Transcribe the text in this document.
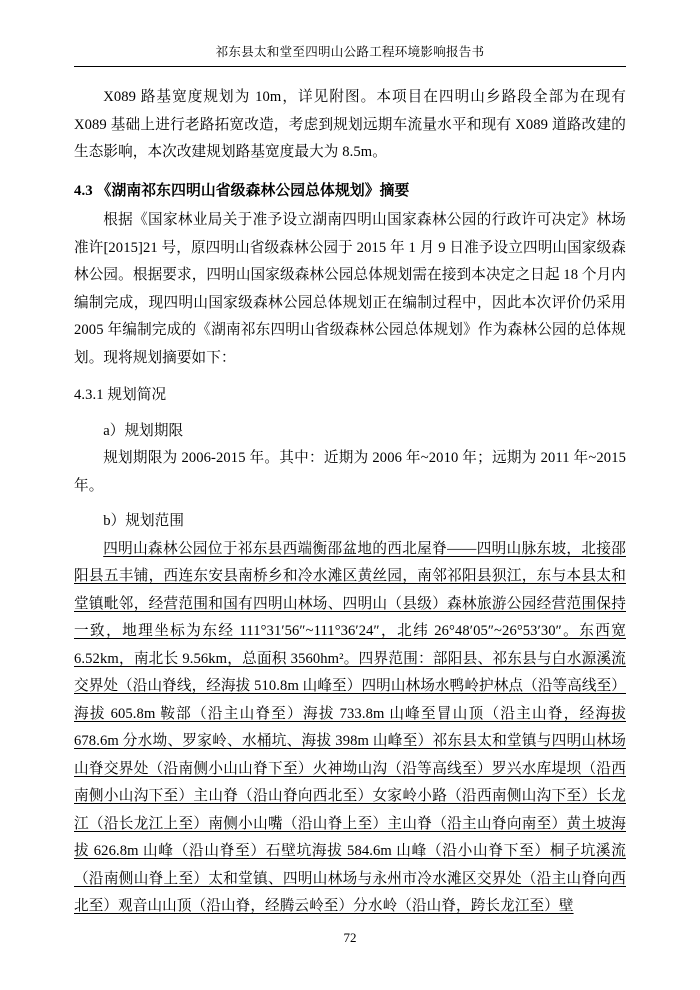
祁东县太和堂至四明山公路工程环境影响报告书

X089 路基宽度规划为 10m，详见附图。本项目在四明山乡路段全部为在现有 X089 基础上进行老路拓宽改造，考虑到规划远期车流量水平和现有 X089 道路改建的生态影响，本次改建规划路基宽度最大为 8.5m。

4.3 《湖南祁东四明山省级森林公园总体规划》摘要

根据《国家林业局关于准予设立湖南四明山国家森林公园的行政许可决定》林场准许[2015]21 号，原四明山省级森林公园于 2015 年 1 月 9 日准予设立四明山国家级森林公园。根据要求，四明山国家级森林公园总体规划需在接到本决定之日起 18 个月内编制完成，现四明山国家级森林公园总体规划正在编制过程中，因此本次评价仍采用 2005 年编制完成的《湖南祁东四明山省级森林公园总体规划》作为森林公园的总体规划。现将规划摘要如下：

4.3.1 规划简况

a）规划期限

规划期限为 2006-2015 年。其中：近期为 2006 年~2010 年；远期为 2011 年~2015 年。

b）规划范围

四明山森林公园位于祁东县西端衡邵盆地的西北屋脊——四明山脉东坡，北接邵阳县五丰铺，西连东安县南桥乡和冷水滩区黄丝园，南邻祁阳县狈江，东与本县太和堂镇毗邻，经营范围和国有四明山林场、四明山（县级）森林旅游公园经营范围保持一致，地理坐标为东经 111°31′56″~111°36′24″，北纬 26°48′05″~26°53′30″。东西宽 6.52km，南北长 9.56km，总面积 3560hm²。四界范围：部阳县、祁东县与白水源溪流交界处（沿山脊线，经海拔 510.8m 山峰至）四明山林场水鸭岭护林点（沿等高线至）海拔 605.8m 鞍部（沿主山脊至）海拔 733.8m 山峰至冒山顶（沿主山脊，经海拔 678.6m 分水坳、罗家岭、水桶坑、海拔 398m 山峰至）祁东县太和堂镇与四明山林场山脊交界处（沿南侧小山山脊下至）火神坳山沟（沿等高线至）罗兴水库堤坝（沿西南侧小山沟下至）主山脊（沿山脊向西北至）女家岭小路（沿西南侧山沟下至）长龙江（沿长龙江上至）南侧小山嘴（沿山脊上至）主山脊（沿主山脊向南至）黄土坡海拔 626.8m 山峰（沿山脊至）石壁坑海拔 584.6m 山峰（沿小山脊下至）桐子坑溪流（沿南侧山脊上至）太和堂镇、四明山林场与永州市冷水滩区交界处（沿主山脊向西北至）观音山山顶（沿山脊，经腾云岭至）分水岭（沿山脊，跨长龙江至）壁

72
